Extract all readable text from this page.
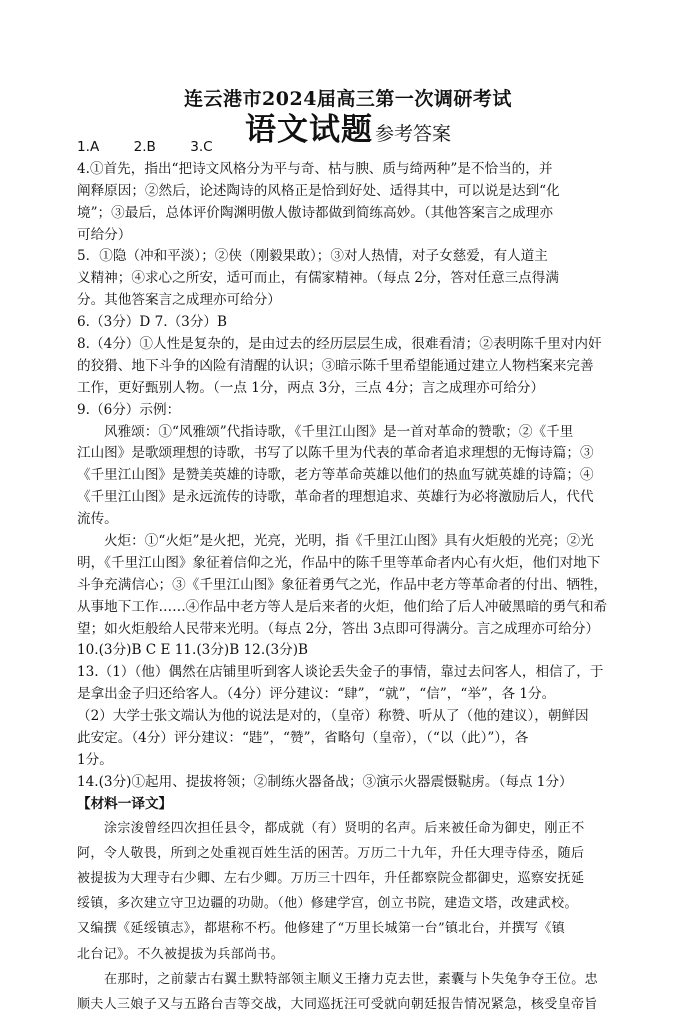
连云港市2024届高三第一次调研考试
语文试题 参考答案
1.A 2.B 3.C
4.①首先，指出“把诗文风格分为平与奇、枯与腴、质与绮两种”是不恰当的，并
阐释原因；②然后，论述陶诗的风格正是恰到好处、适得其中，可以说是达到“化
境”；③最后，总体评价陶渊明傲人傲诗都做到简练高妙。（其他答案言之成理亦
可给分）
5．①隐（冲和平淡）；②侠（刚毅果敢）；③对人热情，对子女慈爱，有人道主
义精神；④求心之所安，适可而止，有儒家精神。（每点 2分，答对任意三点得满
分。其他答案言之成理亦可给分）
6.（3分）D 7.（3分）B
8.（4分）①人性是复杂的，是由过去的经历层层生成，很难看清；②表明陈千里对内奸
的狡猾、地下斗争的凶险有清醒的认识；③暗示陈千里希望能通过建立人物档案来完善
工作，更好甄别人物。（一点 1分，两点 3分，三点 4分；言之成理亦可给分）
9.（6分）示例：
风雅颂：①“风雅颂”代指诗歌，《千里江山图》是一首对革命的赞歌；②《千里
江山图》是歌颂理想的诗歌，书写了以陈千里为代表的革命者追求理想的无悔诗篇；③
《千里江山图》是赞美英雄的诗歌，老方等革命英雄以他们的热血写就英雄的诗篇；④
《千里江山图》是永远流传的诗歌，革命者的理想追求、英雄行为必将激励后人，代代
流传。
火炬：①“火炬”是火把，光亮，光明，指《千里江山图》具有火炬般的光亮；②光
明，《千里江山图》象征着信仰之光，作品中的陈千里等革命者内心有火炬，他们对地下
斗争充满信心；③《千里江山图》象征着勇气之光，作品中老方等革命者的付出、牺牲，
从事地下工作……④作品中老方等人是后来者的火炬，他们给了后人冲破黑暗的勇气和希
望；如火炬般给人民带来光明。（每点 2分，答出 3点即可得满分。言之成理亦可给分）
10.(3分)B C E 11.(3分)B 12.(3分)B
13.（1）（他）偶然在店铺里听到客人谈论丢失金子的事情，靠过去问客人，相信了，于
是拿出金子归还给客人。（4分）评分建议：“肆”，“就”，“信”，“举”，各 1分。
（2）大学士张文端认为他的说法是对的，（皇帝）称赞、听从了（他的建议），朝鲜因
此安定。（4分）评分建议：“韪”，“赞”，省略句（皇帝），（“以（此）”），各
1分。
14.(3分)①起用、提拔将领；②制练火器备战；③演示火器震慑鞑虏。（每点 1分）
【材料一译文】
涂宗浚曾经四次担任县令，都成就（有）贤明的名声。后来被任命为御史，刚正不
阿，令人敬畏，所到之处重视百姓生活的困苦。万历二十九年，升任大理寺侍丞，随后
被提拔为大理寺右少卿、左右少卿。万历三十四年，升任都察院佥都御史，巡察安抚延
绥镇，多次建立守卫边疆的功勋。（他）修建学宫，创立书院，建造文塔，改建武校。
又编撰《延绥镇志》，都堪称不朽。他修建了“万里长城第一台”镇北台，并撰写《镇
北台记》。不久被提拔为兵部尚书。
在那时，之前蒙古右翼土默特部领主顺义王撦力克去世，素囊与卜失兔争夺王位。忠
顺夫人三娘子又与五路台吉等交战，大同巡抚汪可受就向朝廷报告情况紧急，核受皇帝旨
